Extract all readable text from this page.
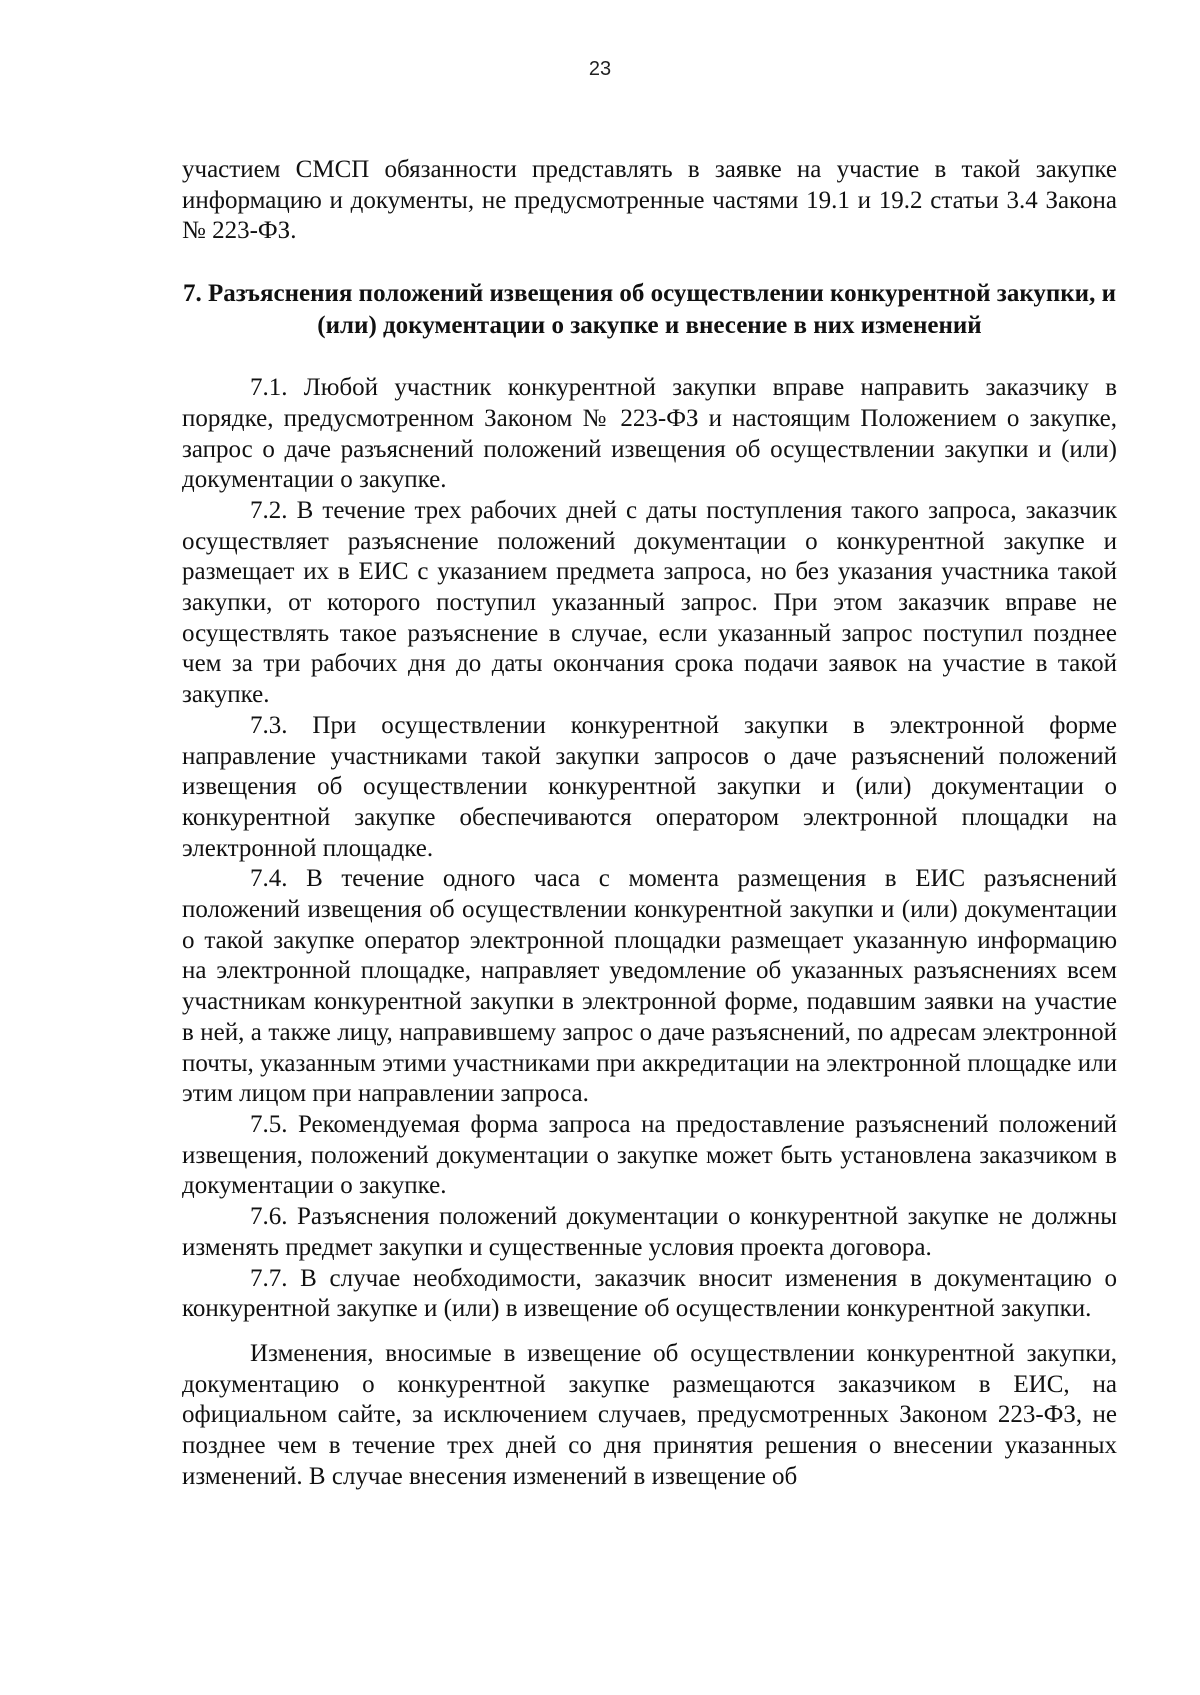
23

участием СМСП обязанности представлять в заявке на участие в такой закупке информацию и документы, не предусмотренные частями 19.1 и 19.2 статьи 3.4 Закона № 223-ФЗ.

7. Разъяснения положений извещения об осуществлении конкурентной закупки, и (или) документации о закупке и внесение в них изменений

7.1. Любой участник конкурентной закупки вправе направить заказчику в порядке, предусмотренном Законом № 223-ФЗ и настоящим Положением о закупке, запрос о даче разъяснений положений извещения об осуществлении закупки и (или) документации о закупке.

7.2. В течение трех рабочих дней с даты поступления такого запроса, заказчик осуществляет разъяснение положений документации о конкурентной закупке и размещает их в ЕИС с указанием предмета запроса, но без указания участника такой закупки, от которого поступил указанный запрос. При этом заказчик вправе не осуществлять такое разъяснение в случае, если указанный запрос поступил позднее чем за три рабочих дня до даты окончания срока подачи заявок на участие в такой закупке.

7.3. При осуществлении конкурентной закупки в электронной форме направление участниками такой закупки запросов о даче разъяснений положений извещения об осуществлении конкурентной закупки и (или) документации о конкурентной закупке обеспечиваются оператором электронной площадки на электронной площадке.

7.4. В течение одного часа с момента размещения в ЕИС разъяснений положений извещения об осуществлении конкурентной закупки и (или) документации о такой закупке оператор электронной площадки размещает указанную информацию на электронной площадке, направляет уведомление об указанных разъяснениях всем участникам конкурентной закупки в электронной форме, подавшим заявки на участие в ней, а также лицу, направившему запрос о даче разъяснений, по адресам электронной почты, указанным этими участниками при аккредитации на электронной площадке или этим лицом при направлении запроса.

7.5. Рекомендуемая форма запроса на предоставление разъяснений положений извещения, положений документации о закупке может быть установлена заказчиком в документации о закупке.

7.6. Разъяснения положений документации о конкурентной закупке не должны изменять предмет закупки и существенные условия проекта договора.

7.7. В случае необходимости, заказчик вносит изменения в документацию о конкурентной закупке и (или) в извещение об осуществлении конкурентной закупки.

Изменения, вносимые в извещение об осуществлении конкурентной закупки, документацию о конкурентной закупке размещаются заказчиком в ЕИС, на официальном сайте, за исключением случаев, предусмотренных Законом 223-ФЗ, не позднее чем в течение трех дней со дня принятия решения о внесении указанных изменений. В случае внесения изменений в извещение об
